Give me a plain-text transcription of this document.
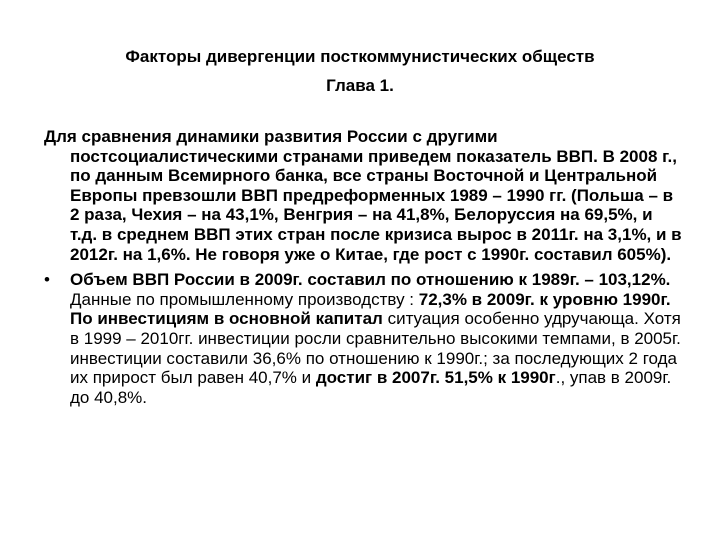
Факторы дивергенции посткоммунистических обществ
Глава 1.

Для сравнения динамики развития России с другими постсоциалистическими странами приведем показатель ВВП. В 2008 г., по данным Всемирного банка, все страны Восточной и Центральной Европы превзошли ВВП предреформенных 1989 – 1990 гг. (Польша – в 2 раза, Чехия – на 43,1%, Венгрия – на 41,8%, Белоруссия на 69,5%, и т.д. в среднем ВВП этих стран после кризиса вырос в 2011г. на 3,1%, и в 2012г. на 1,6%. Не говоря уже о Китае, где рост с 1990г. составил 605%).

• Объем ВВП России в 2009г. составил по отношению к 1989г. – 103,12%. Данные по промышленному производству : 72,3% в 2009г. к уровню 1990г. По инвестициям в основной капитал ситуация особенно удручающа. Хотя в 1999 – 2010гг. инвестиции росли сравнительно высокими темпами, в 2005г. инвестиции составили 36,6% по отношению к 1990г.; за последующих 2 года их прирост был равен 40,7% и достиг в 2007г. 51,5% к 1990г., упав в 2009г. до 40,8%.
